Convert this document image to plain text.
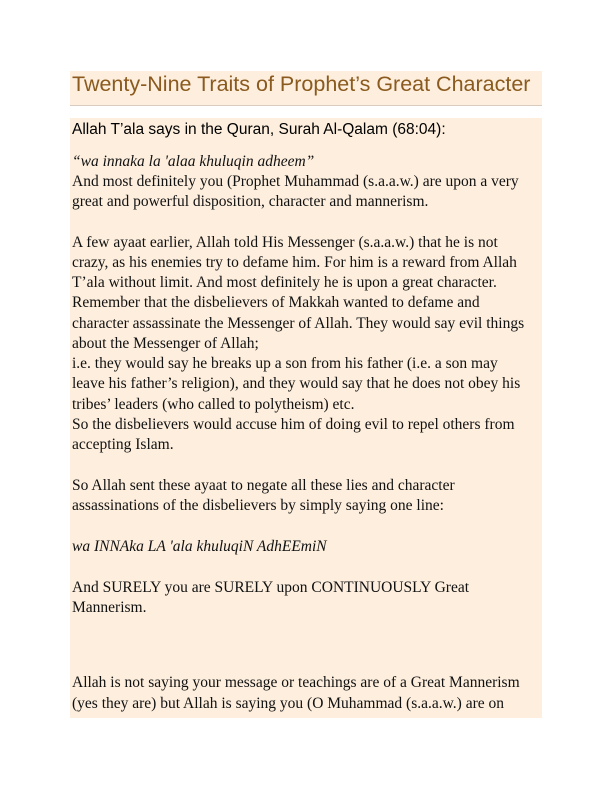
Twenty-Nine Traits of Prophet’s Great Character
Allah T’ala says in the Quran, Surah Al-Qalam (68:04):
“wa innaka la 'alaa khuluqin adheem”
And most definitely you (Prophet Muhammad (s.a.a.w.) are upon a very
great and powerful disposition, character and mannerism.
A few ayaat earlier, Allah told His Messenger (s.a.a.w.) that he is not
crazy, as his enemies try to defame him. For him is a reward from Allah
T’ala without limit. And most definitely he is upon a great character.
Remember that the disbelievers of Makkah wanted to defame and
character assassinate the Messenger of Allah. They would say evil things
about the Messenger of Allah;
i.e. they would say he breaks up a son from his father (i.e. a son may
leave his father’s religion), and they would say that he does not obey his
tribes’ leaders (who called to polytheism) etc.
So the disbelievers would accuse him of doing evil to repel others from
accepting Islam.
So Allah sent these ayaat to negate all these lies and character
assassinations of the disbelievers by simply saying one line:
wa INNAka LA 'ala khuluqiN AdhEEmiN
And SURELY you are SURELY upon CONTINUOUSLY Great
Mannerism.
Allah is not saying your message or teachings are of a Great Mannerism
(yes they are) but Allah is saying you (O Muhammad (s.a.a.w.) are on
